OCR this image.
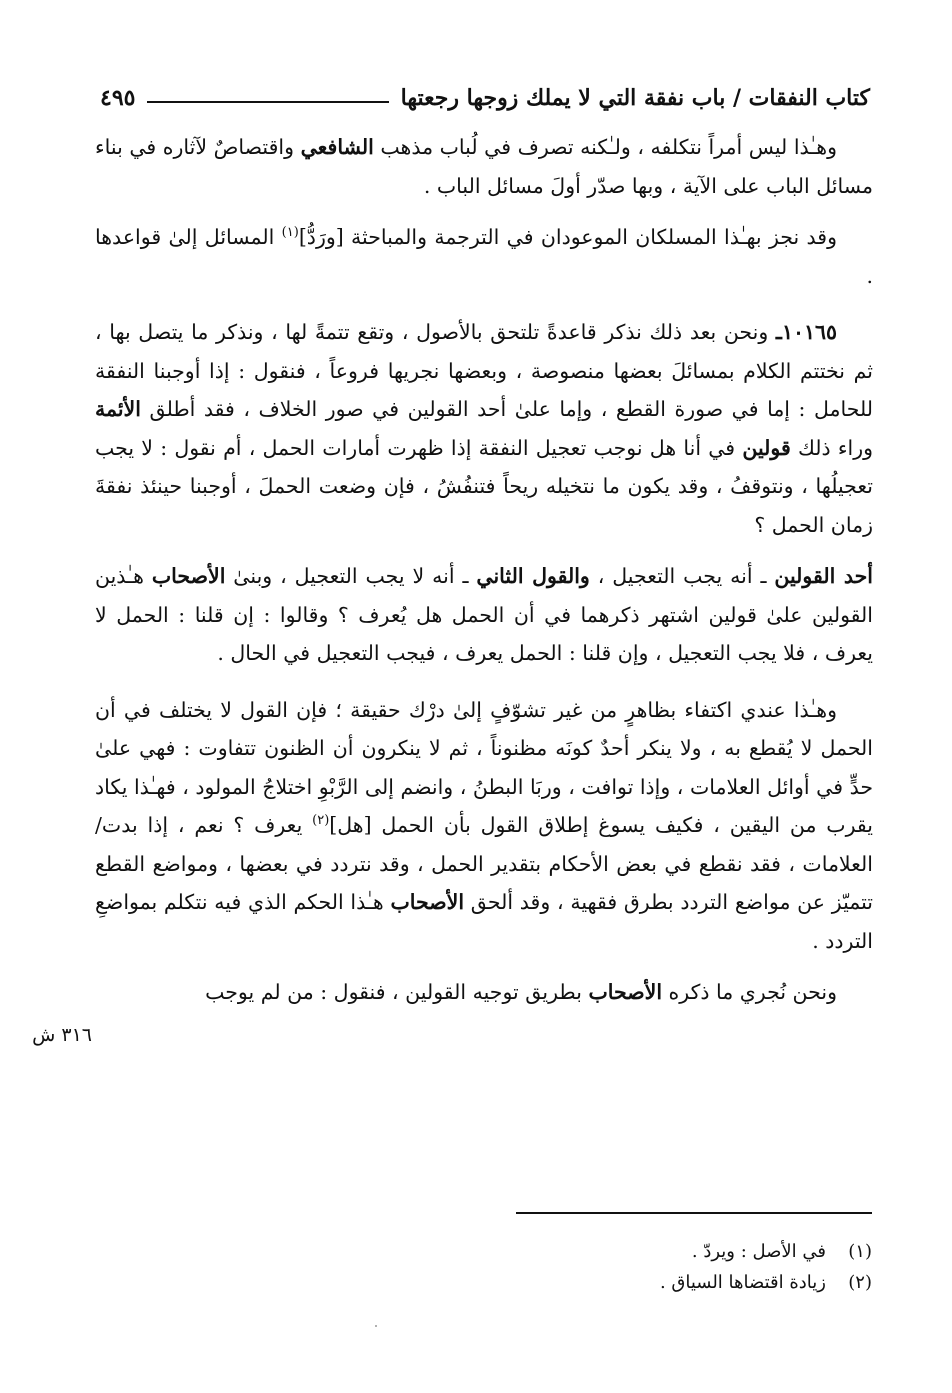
كتاب النفقات / باب نفقة التي لا يملك زوجها رجعتها
٤٩٥
٣١٦ ش

وهـٰذا ليس أمراً نتكلفه ، ولـٰكنه تصرف في لُباب مذهب الشافعي واقتصاصٌ لآثاره في بناء مسائل الباب على الآية ، وبها صدّر أولَ مسائل الباب .

وقد نجز بهـٰذا المسلكان الموعودان في الترجمة والمباحثة [ورَدُّ]$^{(١)}$ المسائل إلىٰ قواعدها .

١٠١٦٥ـ ونحن بعد ذلك نذكر قاعدةً تلتحق بالأصول ، وتقع تتمةً لها ، ونذكر ما يتصل بها ، ثم نختتم الكلام بمسائلَ بعضها منصوصة ، وبعضها نجريها فروعاً ، فنقول : إذا أوجبنا النفقة للحامل : إما في صورة القطع ، وإما علىٰ أحد القولين في صور الخلاف ، فقد أطلق الأئمة وراء ذلك قولين في أنا هل نوجب تعجيل النفقة إذا ظهرت أمارات الحمل ، أم نقول : لا يجب تعجيلُها ، ونتوقفُ ، وقد يكون ما نتخيله ريحاً فتنفُشُ ، فإن وضعت الحملَ ، أوجبنا حينئذ نفقةَ زمان الحمل ؟

أحد القولين ـ أنه يجب التعجيل ، والقول الثاني ـ أنه لا يجب التعجيل ، وبنىٰ الأصحاب هـٰذين القولين علىٰ قولين اشتهر ذكرهما في أن الحمل هل يُعرف ؟ وقالوا : إن قلنا : الحمل لا يعرف ، فلا يجب التعجيل ، وإن قلنا : الحمل يعرف ، فيجب التعجيل في الحال .

وهـٰذا عندي اكتفاء بظاهرٍ من غير تشوّفٍ إلىٰ درْك حقيقة ؛ فإن القول لا يختلف في أن الحمل لا يُقطع به ، ولا ينكر أحدٌ كونَه مظنوناً ، ثم لا ينكرون أن الظنون تتفاوت : فهي علىٰ حدٍّ في أوائل العلامات ، وإذا توافت ، وربَا البطنُ ، وانضم إلى الرَّبْوِ اختلاجُ المولود ، فهـٰذا يكاد يقرب من اليقين ، فكيف يسوغ إطلاق القول بأن الحمل [هل]$^{(٢)}$ يعرف ؟ نعم ، إذا بدت/ العلامات ، فقد نقطع في بعض الأحكام بتقدير الحمل ، وقد نتردد في بعضها ، ومواضع القطع تتميّز عن مواضع التردد بطرق فقهية ، وقد ألحق الأصحاب هـٰذا الحكم الذي فيه نتكلم بمواضعِ التردد .

ونحن نُجري ما ذكره الأصحاب بطريق توجيه القولين ، فنقول : من لم يوجب

(١)
في الأصل : ويردّ .
(٢)
زيادة اقتضاها السياق .
